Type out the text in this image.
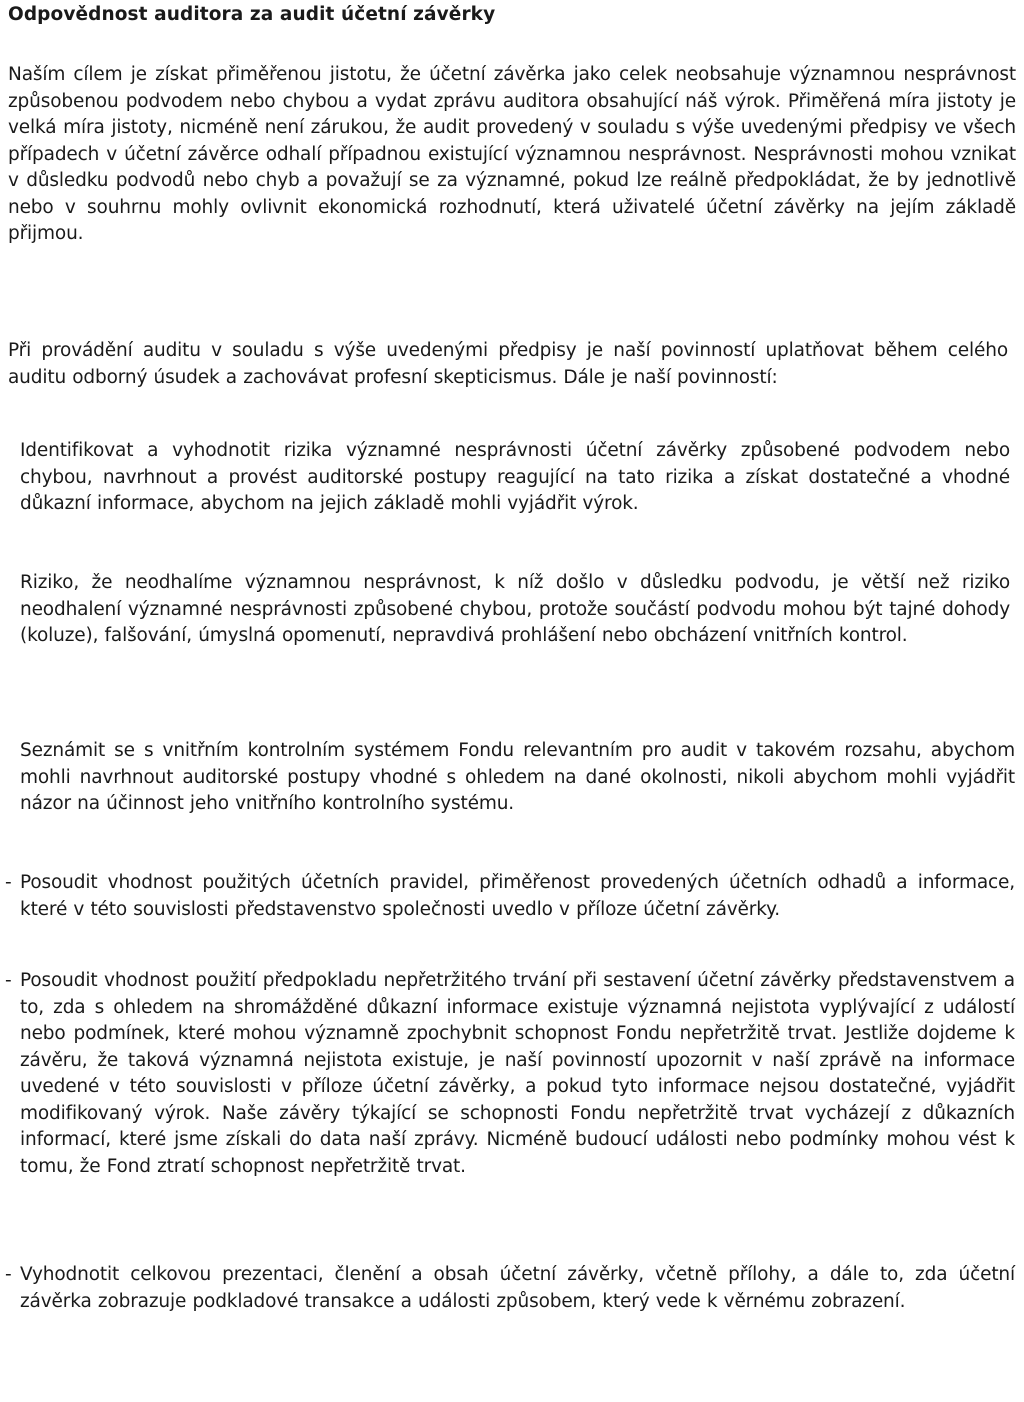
Odpovědnost auditora za audit účetní závěrky

Naším cílem je získat přiměřenou jistotu, že účetní závěrka jako celek neobsahuje významnou nesprávnost způsobenou podvodem nebo chybou a vydat zprávu auditora obsahující náš výrok. Přiměřená míra jistoty je velká míra jistoty, nicméně není zárukou, že audit provedený v souladu s výše uvedenými předpisy ve všech případech v účetní závěrce odhalí případnou existující významnou nesprávnost. Nesprávnosti mohou vznikat v důsledku podvodů nebo chyb a považují se za významné, pokud lze reálně předpokládat, že by jednotlivě nebo v souhrnu mohly ovlivnit ekonomická rozhodnutí, která uživatelé účetní závěrky na jejím základě přijmou.

Při provádění auditu v souladu s výše uvedenými předpisy je naší povinností uplatňovat během celého auditu odborný úsudek a zachovávat profesní skepticismus. Dále je naší povinností:

Identifikovat a vyhodnotit rizika významné nesprávnosti účetní závěrky způsobené podvodem nebo chybou, navrhnout a provést auditorské postupy reagující na tato rizika a získat dostatečné a vhodné důkazní informace, abychom na jejich základě mohli vyjádřit výrok.

Riziko, že neodhalíme významnou nesprávnost, k níž došlo v důsledku podvodu, je větší než riziko neodhalení významné nesprávnosti způsobené chybou, protože součástí podvodu mohou být tajné dohody (koluze), falšování, úmyslná opomenutí, nepravdivá prohlášení nebo obcházení vnitřních kontrol.

Seznámit se s vnitřním kontrolním systémem Fondu relevantním pro audit v takovém rozsahu, abychom mohli navrhnout auditorské postupy vhodné s ohledem na dané okolnosti, nikoli abychom mohli vyjádřit názor na účinnost jeho vnitřního kontrolního systému.

- Posoudit vhodnost použitých účetních pravidel, přiměřenost provedených účetních odhadů a informace, které v této souvislosti představenstvo společnosti uvedlo v příloze účetní závěrky.

- Posoudit vhodnost použití předpokladu nepřetržitého trvání při sestavení účetní závěrky představenstvem a to, zda s ohledem na shromážděné důkazní informace existuje významná nejistota vyplývající z událostí nebo podmínek, které mohou významně zpochybnit schopnost Fondu nepřetržitě trvat. Jestliže dojdeme k závěru, že taková významná nejistota existuje, je naší povinností upozornit v naší zprávě na informace uvedené v této souvislosti v příloze účetní závěrky, a pokud tyto informace nejsou dostatečné, vyjádřit modifikovaný výrok. Naše závěry týkající se schopnosti Fondu nepřetržitě trvat vycházejí z důkazních informací, které jsme získali do data naší zprávy. Nicméně budoucí události nebo podmínky mohou vést k tomu, že Fond ztratí schopnost nepřetržitě trvat.

- Vyhodnotit celkovou prezentaci, členění a obsah účetní závěrky, včetně přílohy, a dále to, zda účetní závěrka zobrazuje podkladové transakce a události způsobem, který vede k věrnému zobrazení.
